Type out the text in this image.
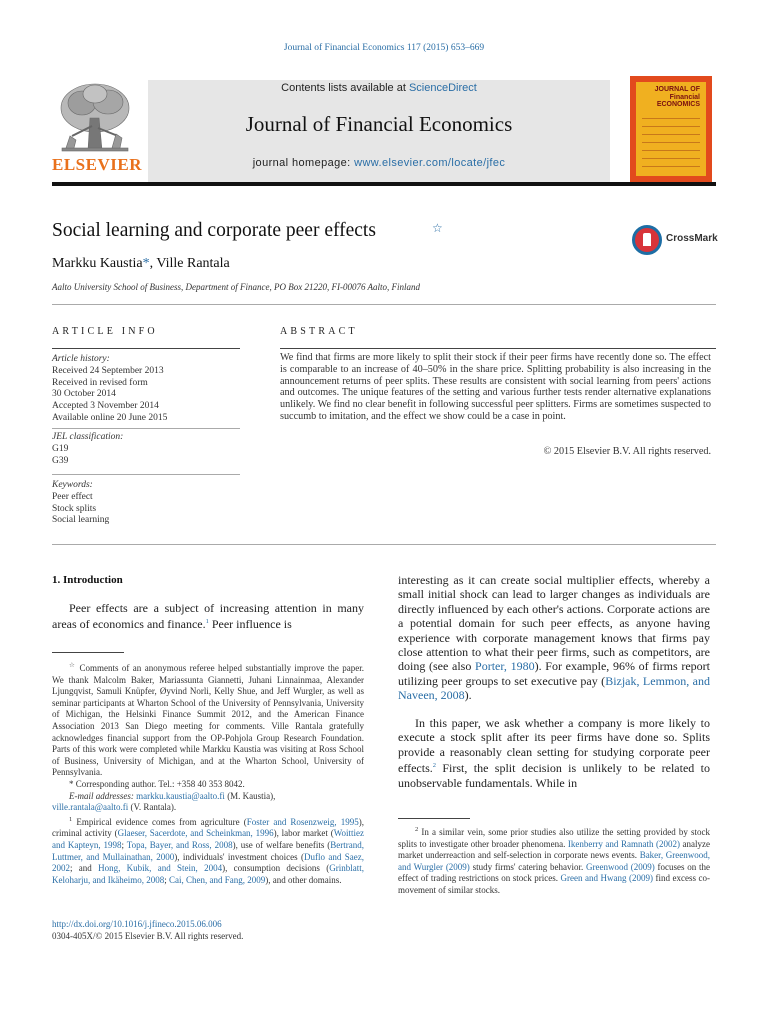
Journal of Financial Economics 117 (2015) 653–669
ELSEVIER
Contents lists available at ScienceDirect
Journal of Financial Economics
journal homepage: www.elsevier.com/locate/jfec
JOURNAL OF Financial ECONOMICS
Social learning and corporate peer effects	☆
CrossMark
Markku Kaustia*, Ville Rantala
Aalto University School of Business, Department of Finance, PO Box 21220, FI-00076 Aalto, Finland
ARTICLE INFO	ABSTRACT
Article history:
Received 24 September 2013
Received in revised form
30 October 2014
Accepted 3 November 2014
Available online 20 June 2015
JEL classification:
G19
G39
Keywords:
Peer effect
Stock splits
Social learning
We find that firms are more likely to split their stock if their peer firms have recently done so. The effect is comparable to an increase of 40–50% in the share price. Splitting probability is also increasing in the announcement returns of peer splits. These results are consistent with social learning from peers' actions and outcomes. The unique features of the setting and various further tests render alternative explanations unlikely. We find no clear benefit in following successful peer splitters. Firms are sometimes suspected to succumb to imitation, and the effect we show could be a case in point.
© 2015 Elsevier B.V. All rights reserved.
1. Introduction
Peer effects are a subject of increasing attention in many areas of economics and finance.$^1$ Peer influence is
interesting as it can create social multiplier effects, whereby a small initial shock can lead to larger changes as individuals are directly influenced by each other's actions. Corporate actions are a potential domain for such peer effects, as anyone having experience with corporate management knows that firms pay close attention to what their peer firms, such as competitors, are doing (see also Porter, 1980). For example, 96% of firms report utilizing peer groups to set executive pay (Bizjak, Lemmon, and Naveen, 2008).
In this paper, we ask whether a company is more likely to execute a stock split after its peer firms have done so. Splits provide a reasonably clean setting for studying corporate peer effects.$^2$ First, the split decision is unlikely to be related to unobservable fundamentals. While in

☆ Comments of an anonymous referee helped substantially improve the paper. We thank Malcolm Baker, Mariassunta Giannetti, Juhani Linnainmaa, Alexander Ljungqvist, Samuli Knüpfer, Øyvind Norli, Kelly Shue, and Jeff Wurgler, as well as seminar participants at Wharton School of the University of Pennsylvania, University of Michigan, the Helsinki Finance Summit 2012, and the American Finance Association 2013 San Diego meeting for comments. Ville Rantala gratefully acknowledges financial support from the OP-Pohjola Group Research Foundation. Parts of this work were completed while Markku Kaustia was visiting at Ross School of Business, University of Michigan, and at the Wharton School, University of Pennsylvania.

* Corresponding author. Tel.: +358 40 353 8042.

E-mail addresses: markku.kaustia@aalto.fi (M. Kaustia),
ville.rantala@aalto.fi (V. Rantala).

$^1$ Empirical evidence comes from agriculture (Foster and Rosenzweig, 1995), criminal activity (Glaeser, Sacerdote, and Scheinkman, 1996), labor market (Woittiez and Kapteyn, 1998; Topa, Bayer, and Ross, 2008), use of welfare benefits (Bertrand, Luttmer, and Mullainathan, 2000), individuals' investment choices (Duflo and Saez, 2002; and Hong, Kubik, and Stein, 2004), consumption decisions (Grinblatt, Keloharju, and Ikäheimo, 2008; Cai, Chen, and Fang, 2009), and other domains.

$^2$ In a similar vein, some prior studies also utilize the setting provided by stock splits to investigate other broader phenomena. Ikenberry and Ramnath (2002) analyze market underreaction and self-selection in corporate news events. Baker, Greenwood, and Wurgler (2009) study firms' catering behavior. Greenwood (2009) focuses on the effect of trading restrictions on stock prices. Green and Hwang (2009) find excess co-movement of similar stocks.

http://dx.doi.org/10.1016/j.jfineco.2015.06.006
0304-405X/© 2015 Elsevier B.V. All rights reserved.
